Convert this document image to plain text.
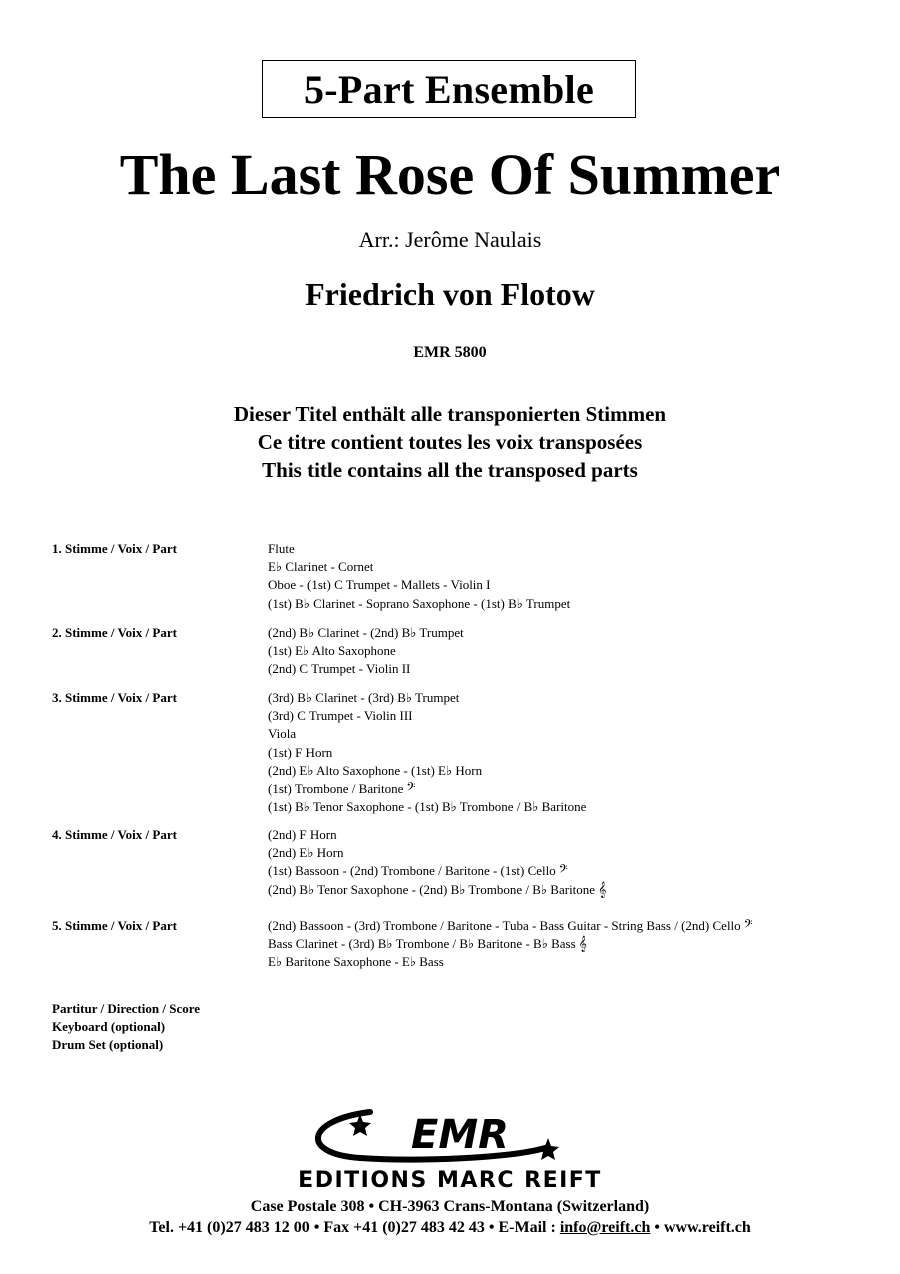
5-Part Ensemble
The Last Rose Of Summer
Arr.: Jerôme Naulais
Friedrich von Flotow
EMR 5800
Dieser Titel enthält alle transponierten Stimmen
Ce titre contient toutes les voix transposées
This title contains all the transposed parts
1. Stimme / Voix / Part	Flute
E♭ Clarinet - Cornet
Oboe - (1st) C Trumpet - Mallets - Violin I
(1st) B♭ Clarinet - Soprano Saxophone - (1st) B♭ Trumpet
2. Stimme / Voix / Part	(2nd) B♭ Clarinet - (2nd) B♭ Trumpet
(1st) E♭ Alto Saxophone
(2nd) C Trumpet - Violin II
3. Stimme / Voix / Part	(3rd) B♭ Clarinet - (3rd) B♭ Trumpet
(3rd) C Trumpet - Violin III
Viola
(1st) F Horn
(2nd) E♭ Alto Saxophone - (1st) E♭ Horn
(1st) Trombone / Baritone 𝄢
(1st) B♭ Tenor Saxophone - (1st) B♭ Trombone / B♭ Baritone
4. Stimme / Voix / Part	(2nd) F Horn
(2nd) E♭ Horn
(1st) Bassoon - (2nd) Trombone / Baritone - (1st) Cello 𝄢
(2nd) B♭ Tenor Saxophone - (2nd) B♭ Trombone / B♭ Baritone 𝄞
5. Stimme / Voix / Part	(2nd) Bassoon - (3rd) Trombone / Baritone - Tuba - Bass Guitar - String Bass / (2nd) Cello 𝄢
Bass Clarinet - (3rd) B♭ Trombone / B♭ Baritone - B♭ Bass 𝄞
E♭ Baritone Saxophone - E♭ Bass
Partitur / Direction / Score
Keyboard (optional)
Drum Set (optional)
EMR
EDITIONS MARC REIFT
Case Postale 308 • CH-3963 Crans-Montana (Switzerland)
Tel. +41 (0)27 483 12 00 • Fax +41 (0)27 483 42 43 • E-Mail : info@reift.ch • www.reift.ch
